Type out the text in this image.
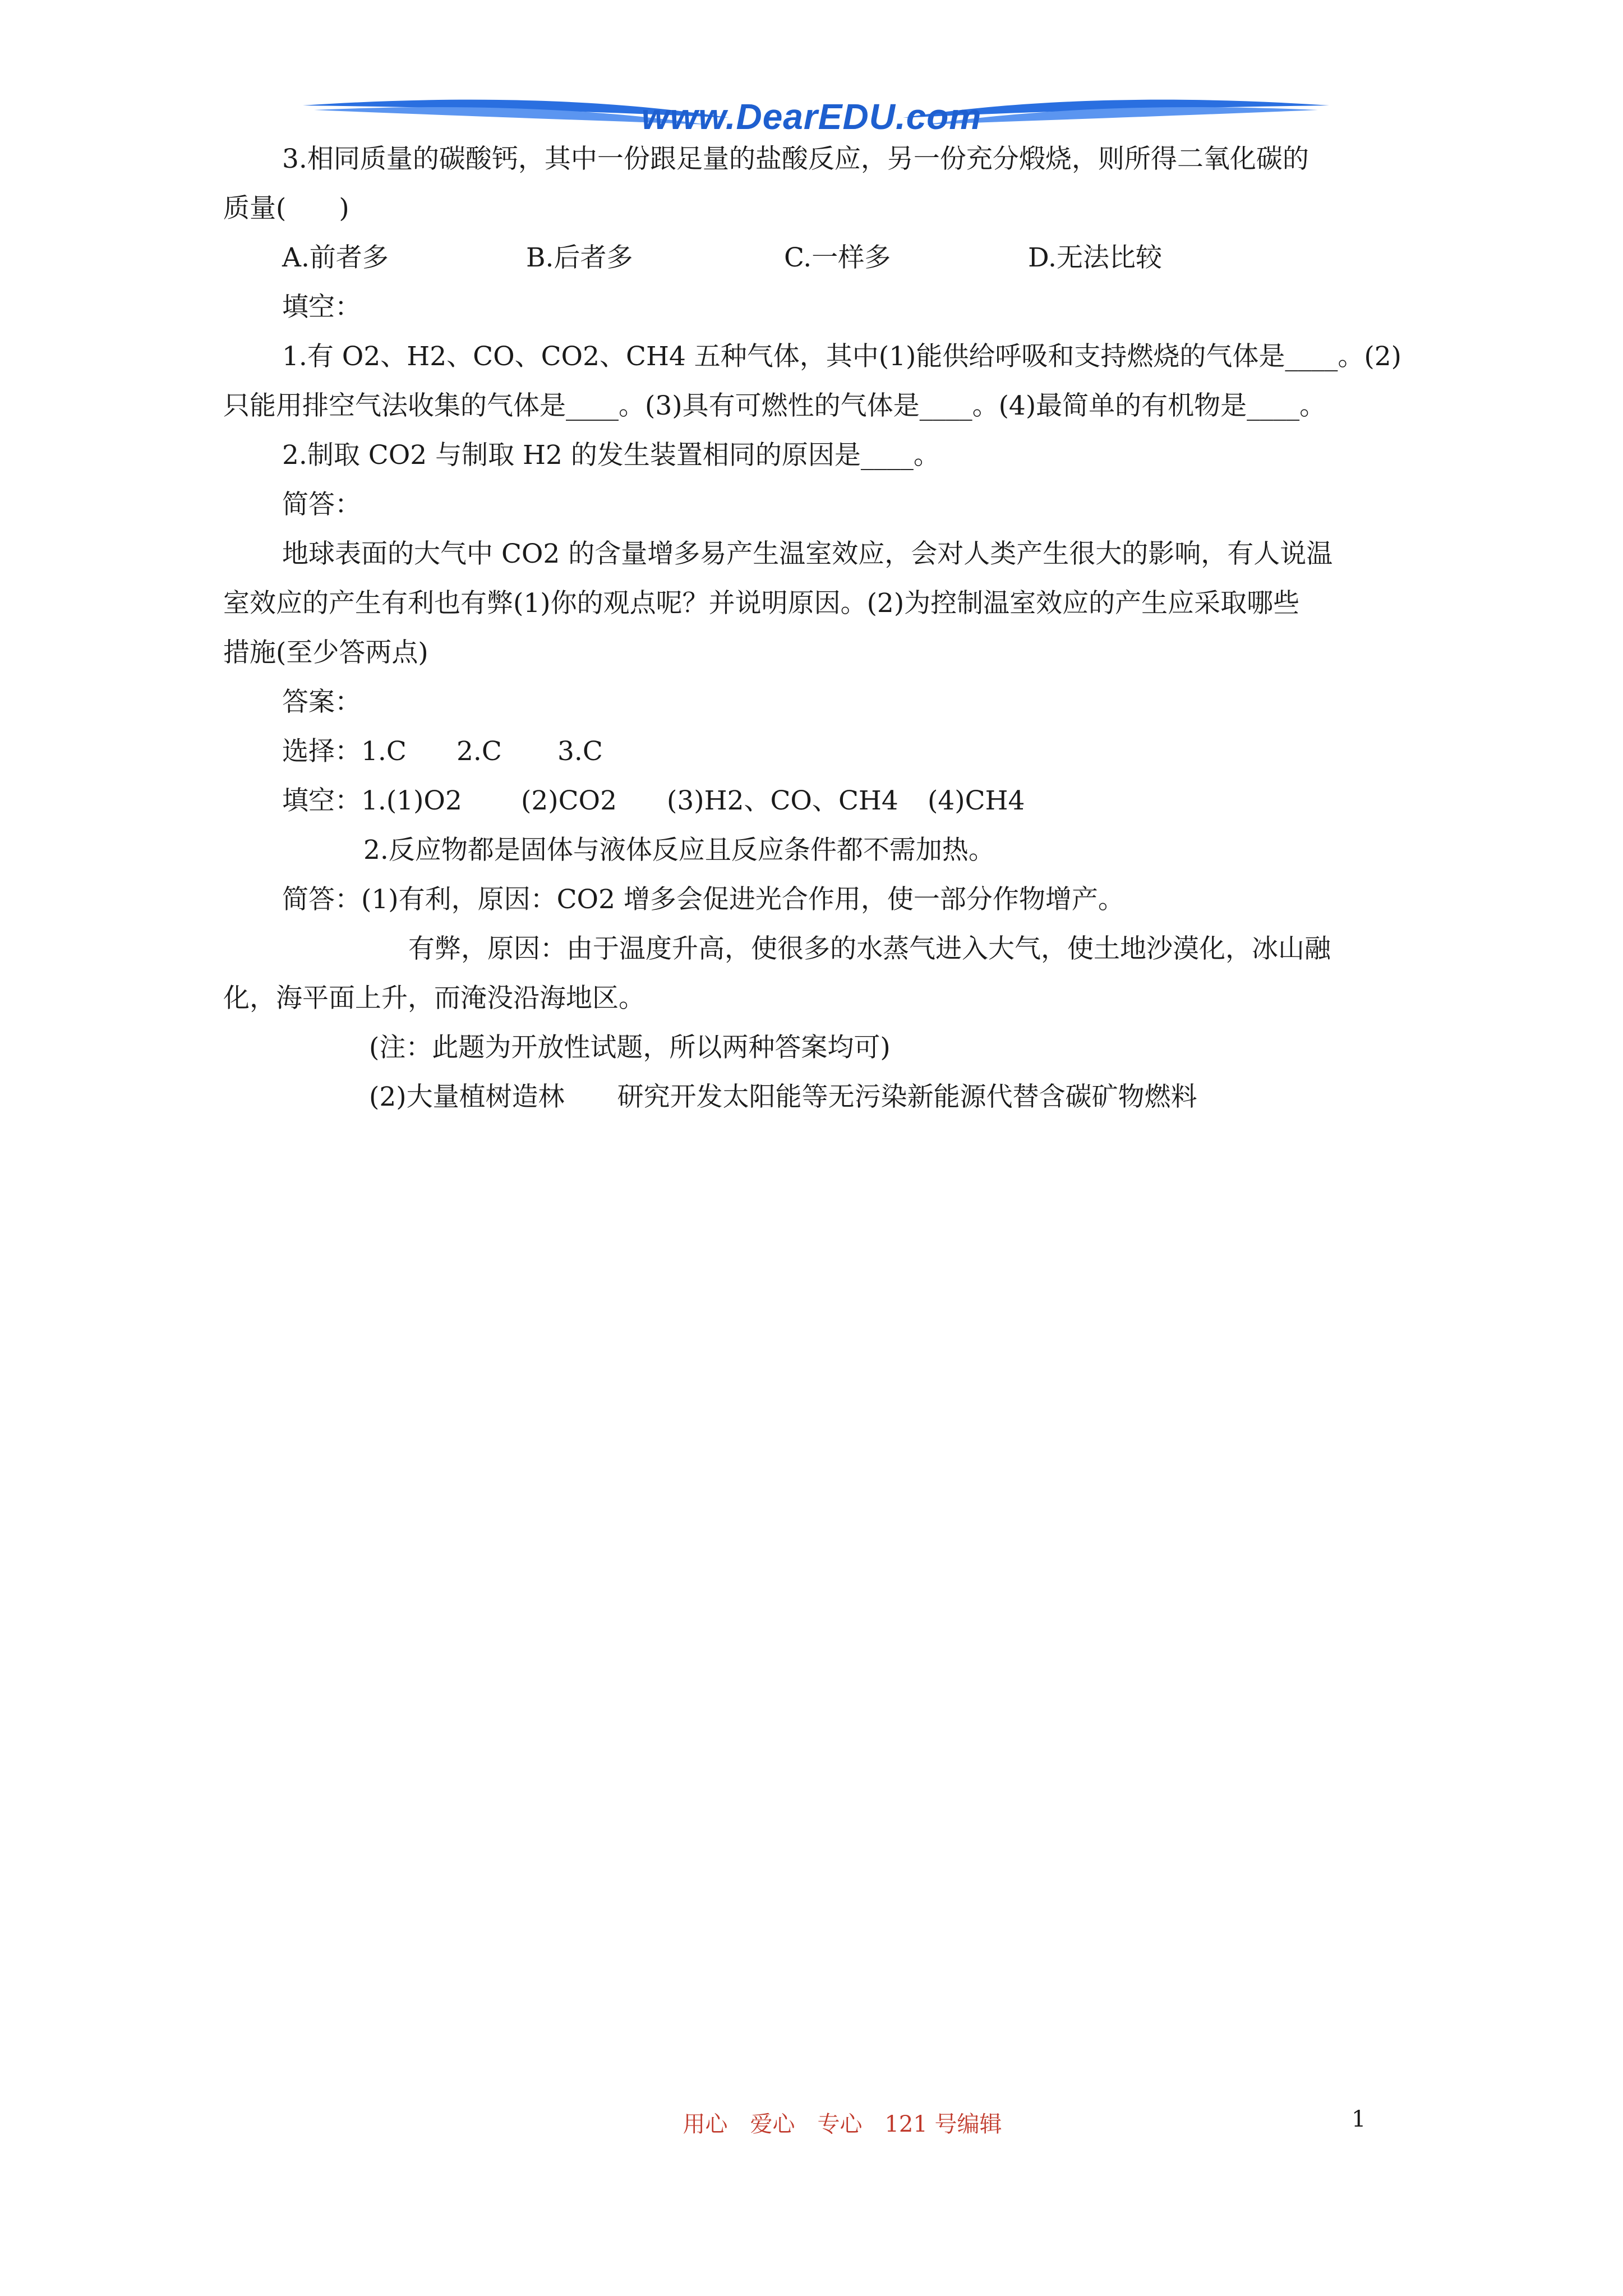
www.DearEDU.com
3.相同质量的碳酸钙，其中一份跟足量的盐酸反应，另一份充分煅烧，则所得二氧化碳的
质量(　　)
A.前者多	B.后者多	C.一样多	D.无法比较
填空：
1.有 O2、H2、CO、CO2、CH4 五种气体，其中(1)能供给呼吸和支持燃烧的气体是____。(2)
只能用排空气法收集的气体是____。(3)具有可燃性的气体是____。(4)最简单的有机物是____。
2.制取 CO2 与制取 H2 的发生装置相同的原因是____。
简答：
地球表面的大气中 CO2 的含量增多易产生温室效应，会对人类产生很大的影响，有人说温
室效应的产生有利也有弊(1)你的观点呢？并说明原因。(2)为控制温室效应的产生应采取哪些
措施(至少答两点)
答案：
选择：1.C 2.C 3.C
填空：1.(1)O2 (2)CO2 (3)H2、CO、CH4 (4)CH4
2.反应物都是固体与液体反应且反应条件都不需加热。
简答：(1)有利，原因：CO2 增多会促进光合作用，使一部分作物增产。
有弊，原因：由于温度升高，使很多的水蒸气进入大气，使土地沙漠化，冰山融
化，海平面上升，而淹没沿海地区。
(注：此题为开放性试题，所以两种答案均可)
(2)大量植树造林　　研究开发太阳能等无污染新能源代替含碳矿物燃料
用心　爱心　专心　121 号编辑	1
